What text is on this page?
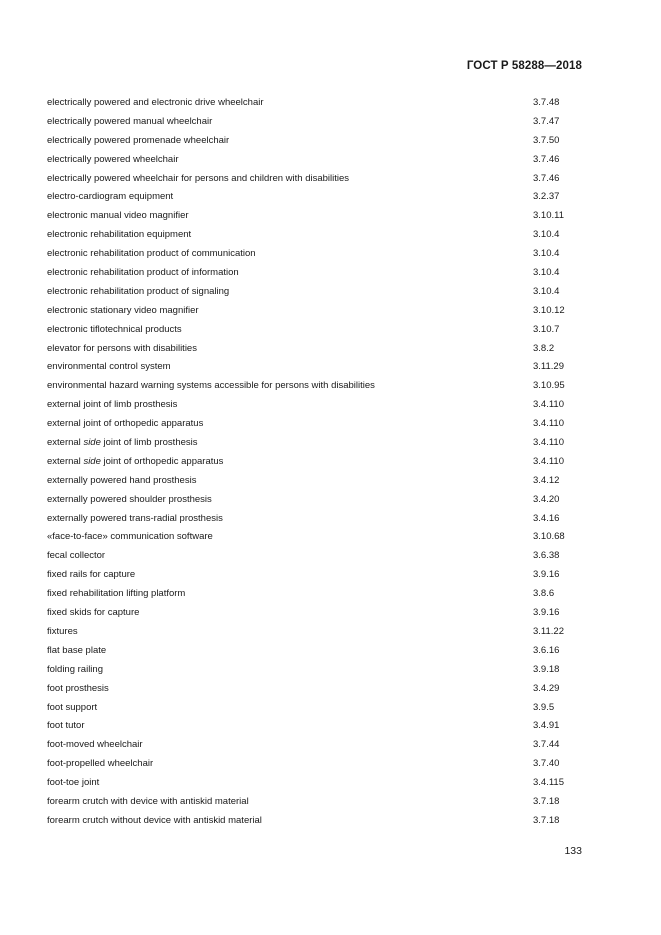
ГОСТ Р 58288—2018
electrically powered and electronic drive wheelchair	3.7.48
electrically powered manual wheelchair	3.7.47
electrically powered promenade wheelchair	3.7.50
electrically powered wheelchair	3.7.46
electrically powered wheelchair for persons and children with disabilities	3.7.46
electro-cardiogram equipment	3.2.37
electronic manual video magnifier	3.10.11
electronic rehabilitation equipment	3.10.4
electronic rehabilitation product of communication	3.10.4
electronic rehabilitation product of information	3.10.4
electronic rehabilitation product of signaling	3.10.4
electronic stationary video magnifier	3.10.12
electronic tiflotechnical products	3.10.7
elevator for persons with disabilities	3.8.2
environmental control system	3.11.29
environmental hazard warning systems accessible for persons with disabilities	3.10.95
external joint of limb prosthesis	3.4.110
external joint of orthopedic apparatus	3.4.110
external side joint of limb prosthesis	3.4.110
external side joint of orthopedic apparatus	3.4.110
externally powered hand prosthesis	3.4.12
externally powered shoulder prosthesis	3.4.20
externally powered trans-radial prosthesis	3.4.16
«face-to-face» communication software	3.10.68
fecal collector	3.6.38
fixed rails for capture	3.9.16
fixed rehabilitation lifting platform	3.8.6
fixed skids for capture	3.9.16
fixtures	3.11.22
flat base plate	3.6.16
folding railing	3.9.18
foot prosthesis	3.4.29
foot support	3.9.5
foot tutor	3.4.91
foot-moved wheelchair	3.7.44
foot-propelled wheelchair	3.7.40
foot-toe joint	3.4.115
forearm crutch with device with antiskid material	3.7.18
forearm crutch without device with antiskid material	3.7.18
133
